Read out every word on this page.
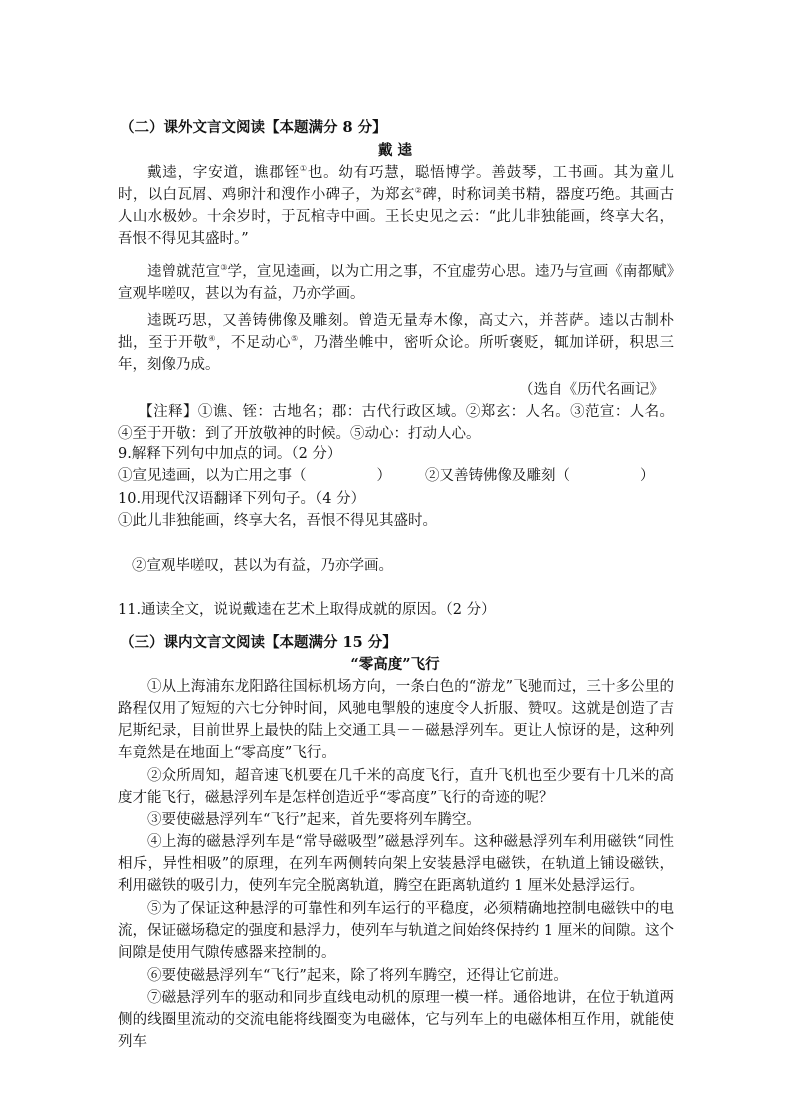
（二）课外文言文阅读【本题满分 8 分】
戴 逵

戴逵，字安道，谯郡铚①也。幼有巧慧，聪悟博学。善鼓琴，工书画。其为童儿时，以白瓦屑、鸡卵汁和溲作小碑子，为郑玄②碑，时称词美书精，器度巧绝。其画古人山水极妙。十余岁时，于瓦棺寺中画。王长史见之云：“此儿非独能画，终享大名，吾恨不得见其盛时。”

逵曾就范宣③学，宣见逵画，以为亡用之事，不宜虚劳心思。逵乃与宣画《南都赋》宣观毕嗟叹，甚以为有益，乃亦学画。

逵既巧思，又善铸佛像及雕刻。曾造无量寿木像，高丈六，并菩萨。逵以古制朴拙，至于开敬④，不足动心⑤，乃潜坐帷中，密听众论。所听褒贬，辄加详研，积思三年，刻像乃成。

（选自《历代名画记》

【注释】①谯、铚：古地名；郡：古代行政区域。②郑玄：人名。③范宣：人名。④至于开敬：到了开放敬神的时候。⑤动心：打动人心。

9.解释下列句中加点的词。（2 分）
①宣见逵画，以为亡用之事（	） ②又善铸佛像及雕刻（	）
10.用现代汉语翻译下列句子。（4 分）
①此儿非独能画，终享大名，吾恨不得见其盛时。
②宣观毕嗟叹，甚以为有益，乃亦学画。
11.通读全文，说说戴逵在艺术上取得成就的原因。（2 分）
（三）课内文言文阅读【本题满分 15 分】
“零高度”飞行

①从上海浦东龙阳路往国标机场方向，一条白色的“游龙”飞驰而过，三十多公里的路程仅用了短短的六七分钟时间，风驰电掣般的速度令人折服、赞叹。这就是创造了吉尼斯纪录，目前世界上最快的陆上交通工具－－磁悬浮列车。更让人惊讶的是，这种列车竟然是在地面上“零高度”飞行。

②众所周知，超音速飞机要在几千米的高度飞行，直升飞机也至少要有十几米的高度才能飞行，磁悬浮列车是怎样创造近乎“零高度”飞行的奇迹的呢？

③要使磁悬浮列车“飞行”起来，首先要将列车腾空。

④上海的磁悬浮列车是“常导磁吸型”磁悬浮列车。这种磁悬浮列车利用磁铁“同性相斥，异性相吸”的原理，在列车两侧转向架上安装悬浮电磁铁，在轨道上铺设磁铁，利用磁铁的吸引力，使列车完全脱离轨道，腾空在距离轨道约 1 厘米处悬浮运行。

⑤为了保证这种悬浮的可靠性和列车运行的平稳度，必须精确地控制电磁铁中的电流，保证磁场稳定的强度和悬浮力，使列车与轨道之间始终保持约 1 厘米的间隙。这个间隙是使用气隙传感器来控制的。

⑥要使磁悬浮列车“飞行”起来，除了将列车腾空，还得让它前进。

⑦磁悬浮列车的驱动和同步直线电动机的原理一模一样。通俗地讲，在位于轨道两侧的线圈里流动的交流电能将线圈变为电磁体，它与列车上的电磁体相互作用，就能使列车
